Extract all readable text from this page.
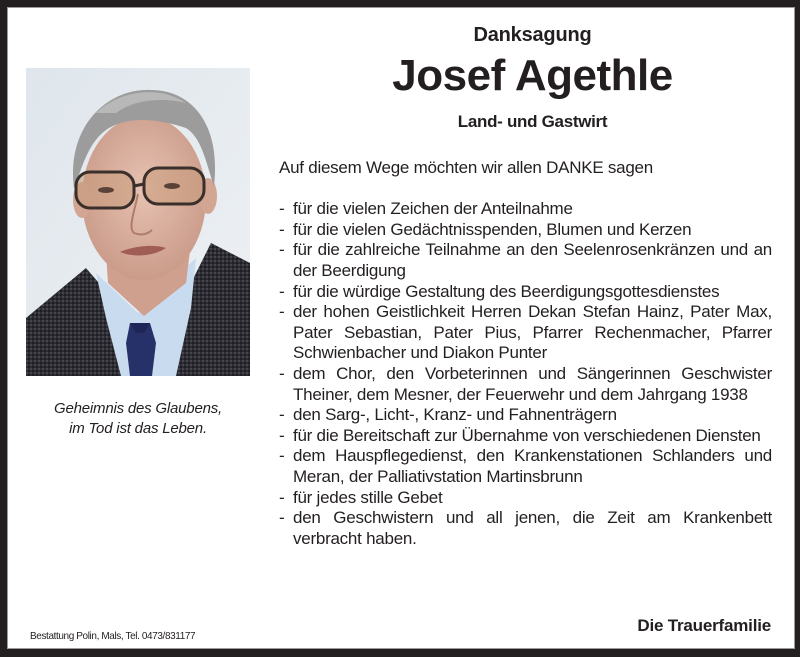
Danksagung
Josef Agethle
Land- und Gastwirt
Geheimnis des Glaubens,
im Tod ist das Leben.

Auf diesem Wege möchten wir allen DANKE sagen

- für die vielen Zeichen der Anteilnahme
- für die vielen Gedächtnisspenden, Blumen und Kerzen
- für die zahlreiche Teilnahme an den Seelenrosenkränzen und an der Beerdigung
- für die würdige Gestaltung des Beerdigungsgottesdienstes
- der hohen Geistlichkeit Herren Dekan Stefan Hainz, Pater Max, Pater Sebastian, Pater Pius, Pfarrer Rechenmacher, Pfarrer Schwienbacher und Diakon Punter
- dem Chor, den Vorbeterinnen und Sängerinnen Geschwister Theiner, dem Mesner, der Feuerwehr und dem Jahrgang 1938
- den Sarg-, Licht-, Kranz- und Fahnenträgern
- für die Bereitschaft zur Übernahme von verschiedenen Diensten
- dem Hauspflegedienst, den Krankenstationen Schlanders und Meran, der Palliativstation Martinsbrunn
- für jedes stille Gebet
- den Geschwistern und all jenen, die Zeit am Krankenbett verbracht haben.
Die Trauerfamilie
Bestattung Polin, Mals, Tel. 0473/831177
